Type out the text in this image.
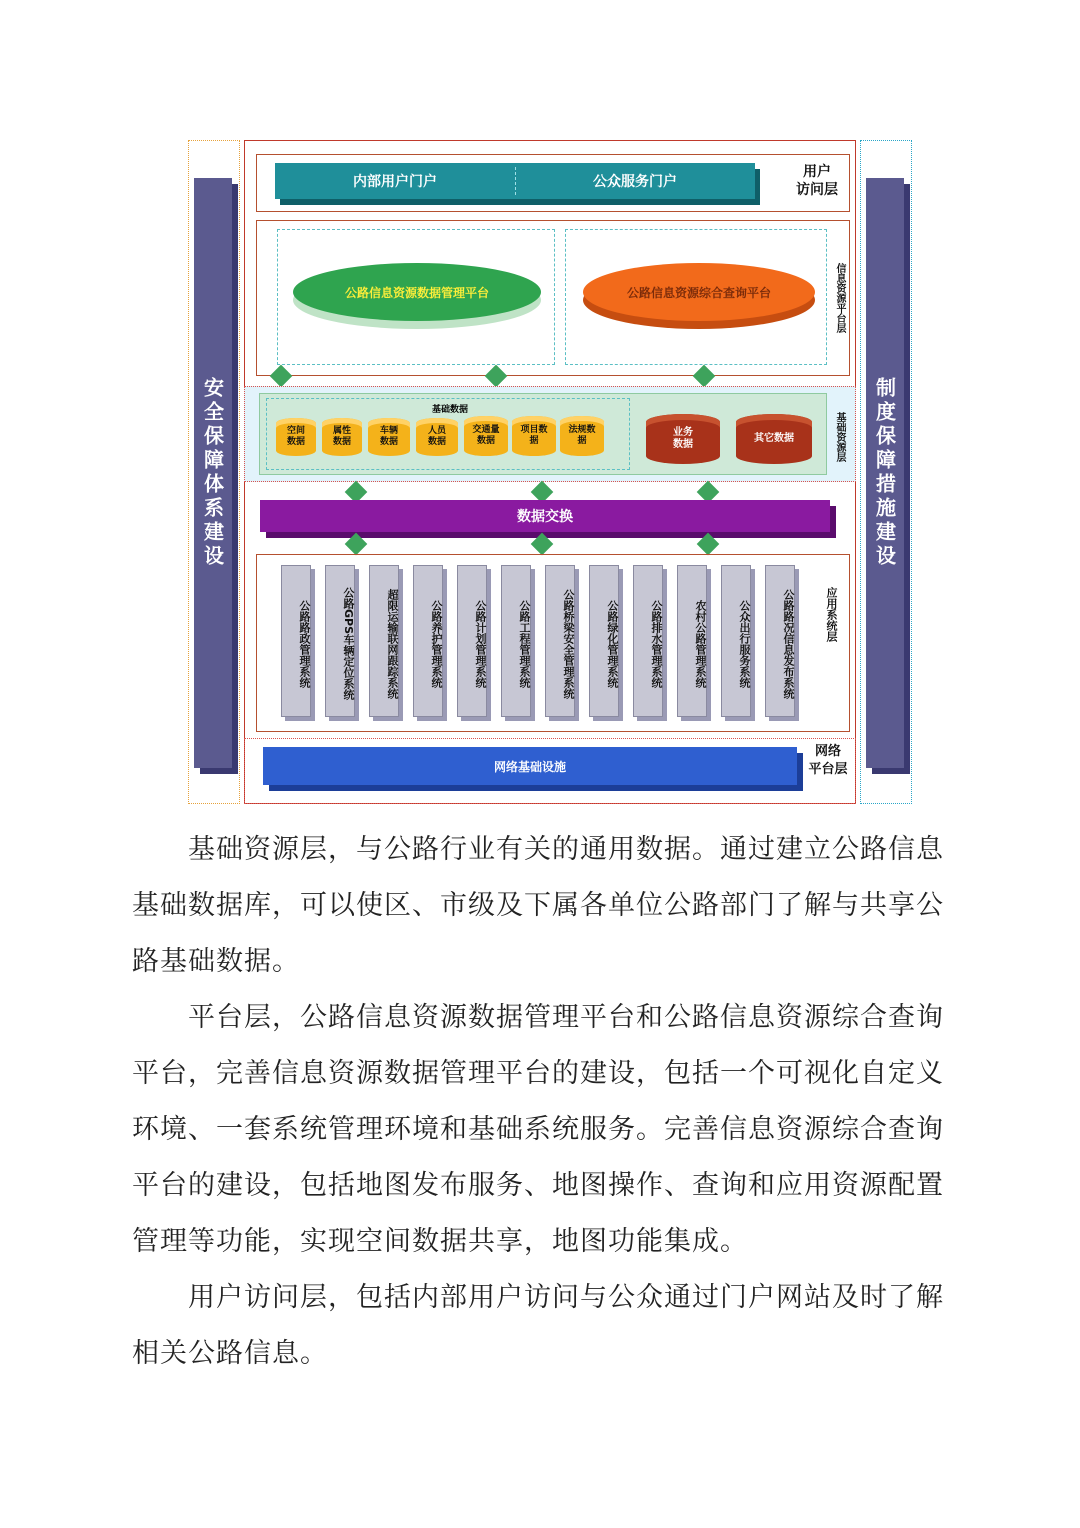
安全保障体系建设	制度保障措施建设
内部用户门户	公众服务门户
用户
访问层
公路信息资源数据管理平台	公路信息资源综合查询平台	信息资源平台层
基础数据
空间
数据
属性
数据
车辆
数据
人员
数据
交通量
数据
项目数
据
法规数
据
业务
数据
其它数据	基础资源层
数据交换
公路路政管理系统	公路GPS车辆定位系统	超限运输联网跟踪系统	公路养护管理系统	公路计划管理系统	公路工程管理系统	公路桥梁安全管理系统	公路绿化管理系统	公路排水管理系统	农村公路管理系统	公众出行服务系统	公路路况信息发布系统	应用系统层
网络基础设施
网络
平台层

基础资源层，与公路行业有关的通用数据。通过建立公路信息基础数据库，可以使区、市级及下属各单位公路部门了解与共享公路基础数据。

平台层，公路信息资源数据管理平台和公路信息资源综合查询平台，完善信息资源数据管理平台的建设，包括一个可视化自定义环境、一套系统管理环境和基础系统服务。完善信息资源综合查询平台的建设，包括地图发布服务、地图操作、查询和应用资源配置管理等功能，实现空间数据共享，地图功能集成。

用户访问层，包括内部用户访问与公众通过门户网站及时了解相关公路信息。
